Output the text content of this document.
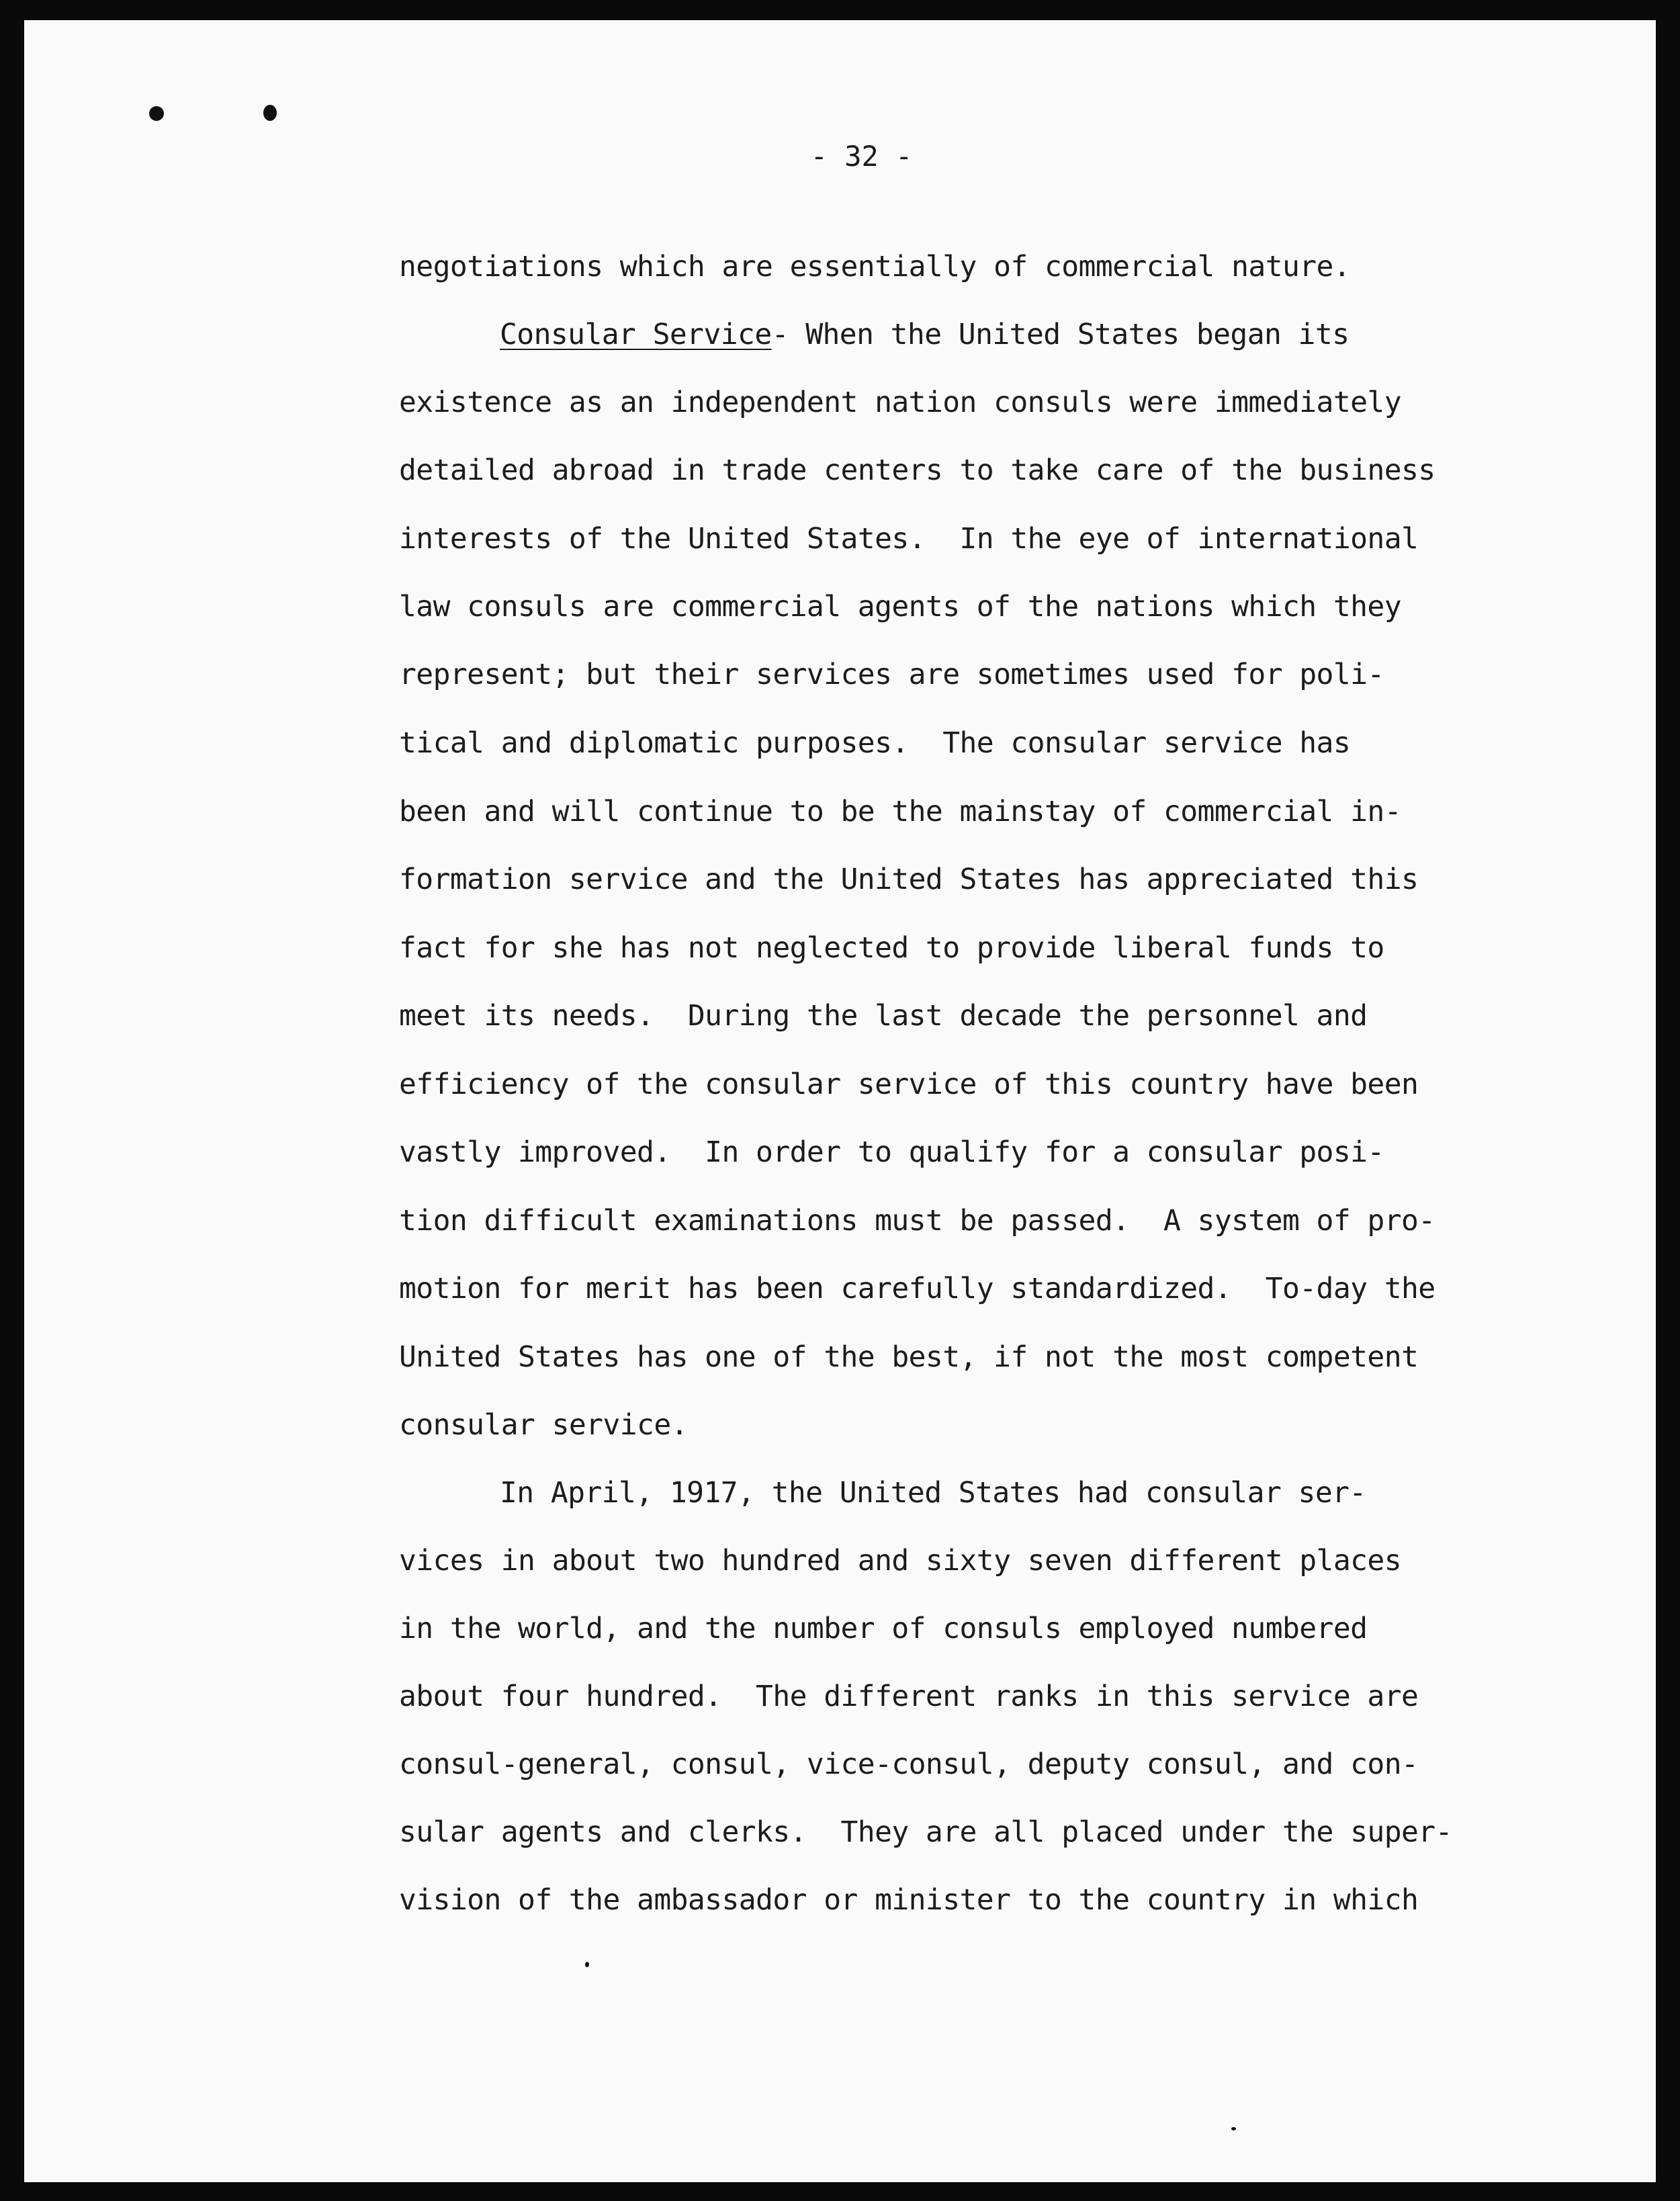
- 32 -
negotiations which are essentially of commercial nature.
Consular Service- When the United States began its
existence as an independent nation consuls were immediately
detailed abroad in trade centers to take care of the business
interests of the United States.  In the eye of international
law consuls are commercial agents of the nations which they
represent; but their services are sometimes used for poli-
tical and diplomatic purposes.  The consular service has
been and will continue to be the mainstay of commercial in-
formation service and the United States has appreciated this
fact for she has not neglected to provide liberal funds to
meet its needs.  During the last decade the personnel and
efficiency of the consular service of this country have been
vastly improved.  In order to qualify for a consular posi-
tion difficult examinations must be passed.  A system of pro-
motion for merit has been carefully standardized.  To-day the
United States has one of the best, if not the most competent
consular service.
In April, 1917, the United States had consular ser-
vices in about two hundred and sixty seven different places
in the world, and the number of consuls employed numbered
about four hundred.  The different ranks in this service are
consul-general, consul, vice-consul, deputy consul, and con-
sular agents and clerks.  They are all placed under the super-
vision of the ambassador or minister to the country in which
